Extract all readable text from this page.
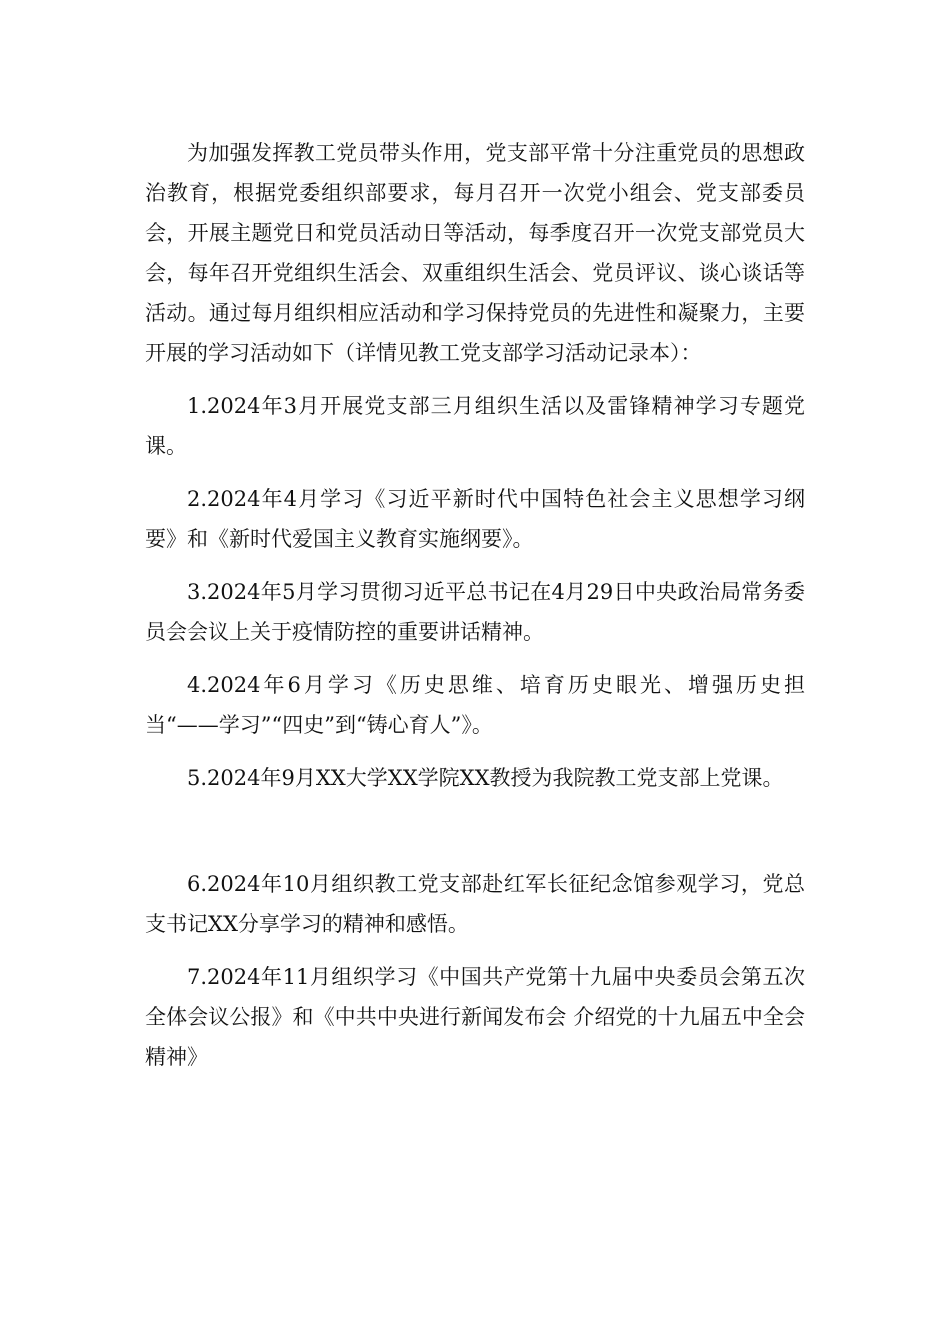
为加强发挥教工党员带头作用，党支部平常十分注重党员的思想政治教育，根据党委组织部要求，每月召开一次党小组会、党支部委员会，开展主题党日和党员活动日等活动，每季度召开一次党支部党员大会，每年召开党组织生活会、双重组织生活会、党员评议、谈心谈话等活动。通过每月组织相应活动和学习保持党员的先进性和凝聚力，主要开展的学习活动如下（详情见教工党支部学习活动记录本）：

1.2024年3月开展党支部三月组织生活以及雷锋精神学习专题党课。

2.2024年4月学习《习近平新时代中国特色社会主义思想学习纲要》和《新时代爱国主义教育实施纲要》。

3.2024年5月学习贯彻习近平总书记在4月29日中央政治局常务委员会会议上关于疫情防控的重要讲话精神。

4.2024年6月学习《历史思维、培育历史眼光、增强历史担当“——学习”“四史”到“铸心育人”》。

5.2024年9月XX大学XX学院XX教授为我院教工党支部上党课。

6.2024年10月组织教工党支部赴红军长征纪念馆参观学习，党总支书记XX分享学习的精神和感悟。

7.2024年11月组织学习《中国共产党第十九届中央委员会第五次全体会议公报》和《中共中央进行新闻发布会 介绍党的十九届五中全会精神》
